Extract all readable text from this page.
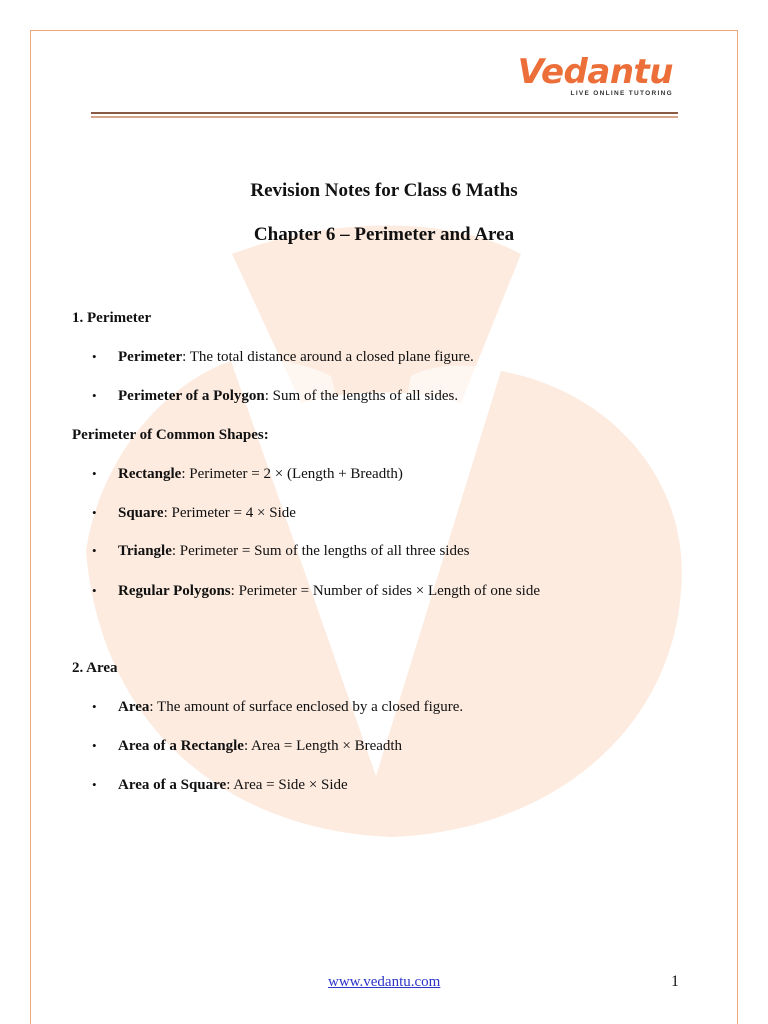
Vedantu
LIVE ONLINE TUTORING
Revision Notes for Class 6 Maths
Chapter 6 – Perimeter and Area
1. Perimeter
• Perimeter: The total distance around a closed plane figure.
• Perimeter of a Polygon: Sum of the lengths of all sides.
Perimeter of Common Shapes:
• Rectangle: Perimeter = 2 × (Length + Breadth)
• Square: Perimeter = 4 × Side
• Triangle: Perimeter = Sum of the lengths of all three sides
• Regular Polygons: Perimeter = Number of sides × Length of one side
2. Area
• Area: The amount of surface enclosed by a closed figure.
• Area of a Rectangle: Area = Length × Breadth
• Area of a Square: Area = Side × Side
www.vedantu.com	1
